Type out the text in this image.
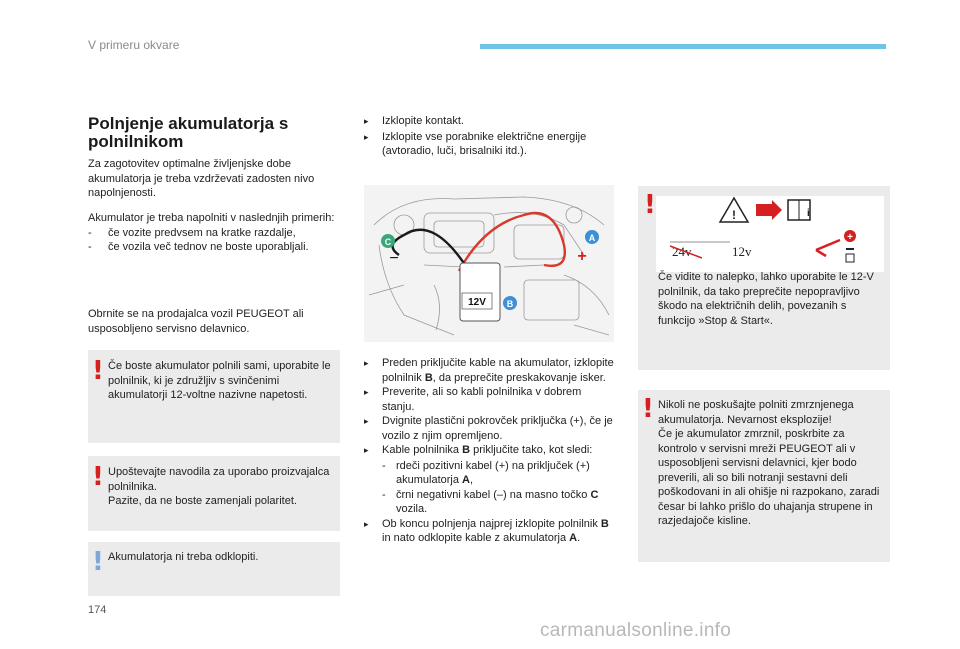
V primeru okvare
Polnjenje akumulatorja s polnilnikom
Za zagotovitev optimalne življenjske dobe akumulatorja je treba vzdrževati zadosten nivo napolnjenosti.
Akumulator je treba napolniti v naslednjih primerih:
-	če vozite predvsem na kratke razdalje,
-	če vozila več tednov ne boste uporabljali.
Obrnite se na prodajalca vozil PEUGEOT ali usposobljeno servisno delavnico.
! Če boste akumulator polnili sami, uporabite le polnilnik, ki je združljiv s svinčenimi akumulatorji 12-voltne nazivne napetosti.
! Upoštevajte navodila za uporabo proizvajalca polnilnika.
Pazite, da ne boste zamenjali polaritet.
! Akumulatorja ni treba odklopiti.
▸	Izklopite kontakt.
▸	Izklopite vse porabnike električne energije (avtoradio, luči, brisalniki itd.).
12V
C	A
B
−	+
▸	Preden priključite kable na akumulator, izklopite polnilnik B, da preprečite preskakovanje isker.
▸	Preverite, ali so kabli polnilnika v dobrem stanju.
▸	Dvignite plastični pokrovček priključka (+), če je vozilo z njim opremljeno.
▸	Kable polnilnika B priključite tako, kot sledi:
- rdeči pozitivni kabel (+) na priključek (+) akumulatorja A,
- črni negativni kabel (–) na masno točko C vozila.
▸	Ob koncu polnjenja najprej izklopite polnilnik B in nato odklopite kable z akumulatorja A.
!	!	i
24v	12v
+
Če vidite to nalepko, lahko uporabite le 12-V polnilnik, da tako preprečite nepopravljivo škodo na električnih delih, povezanih s funkcijo »Stop & Start«.
! Nikoli ne poskušajte polniti zmrznjenega akumulatorja. Nevarnost eksplozije!
Če je akumulator zmrznil, poskrbite za kontrolo v servisni mreži PEUGEOT ali v usposobljeni servisni delavnici, kjer bodo preverili, ali so bili notranji sestavni deli poškodovani in ali ohišje ni razpokano, zaradi česar bi lahko prišlo do uhajanja strupene in razjedajoče kisline.
174
carmanualsonline.info
